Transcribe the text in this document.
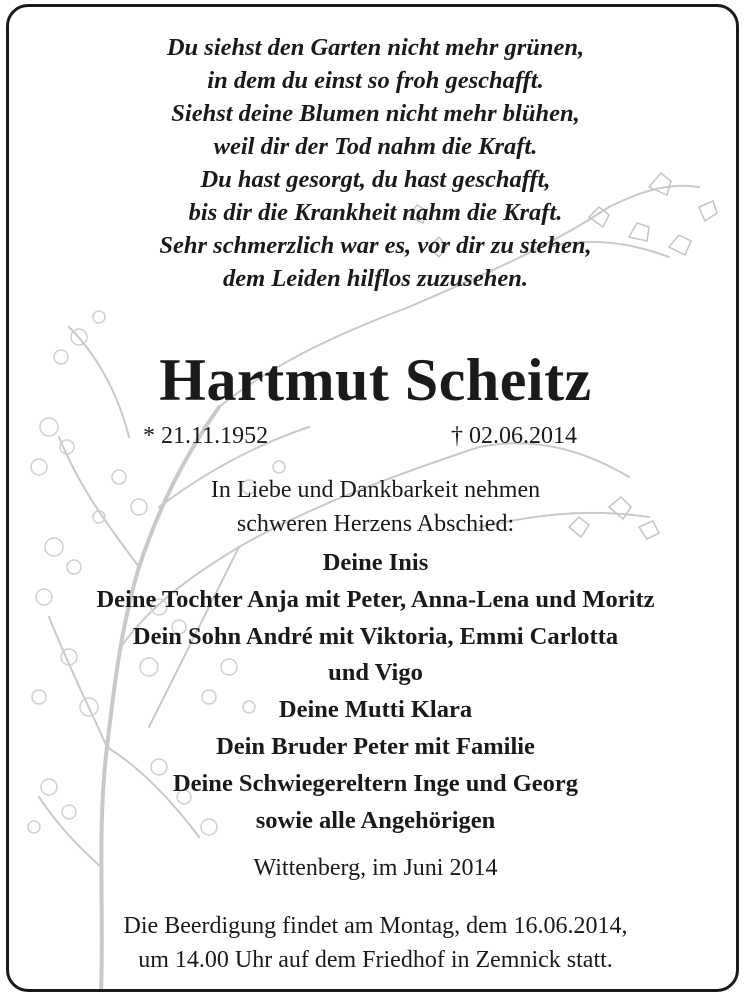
Du siehst den Garten nicht mehr grünen,
in dem du einst so froh geschafft.
Siehst deine Blumen nicht mehr blühen,
weil dir der Tod nahm die Kraft.
Du hast gesorgt, du hast geschafft,
bis dir die Krankheit nahm die Kraft.
Sehr schmerzlich war es, vor dir zu stehen,
dem Leiden hilflos zuzusehen.
Hartmut Scheitz
* 21.11.1952	† 02.06.2014
In Liebe und Dankbarkeit nehmen
schweren Herzens Abschied:
Deine Inis
Deine Tochter Anja mit Peter, Anna-Lena und Moritz
Dein Sohn André mit Viktoria, Emmi Carlotta
und Vigo
Deine Mutti Klara
Dein Bruder Peter mit Familie
Deine Schwiegereltern Inge und Georg
sowie alle Angehörigen
Wittenberg, im Juni 2014
Die Beerdigung findet am Montag, dem 16.06.2014,
um 14.00 Uhr auf dem Friedhof in Zemnick statt.
